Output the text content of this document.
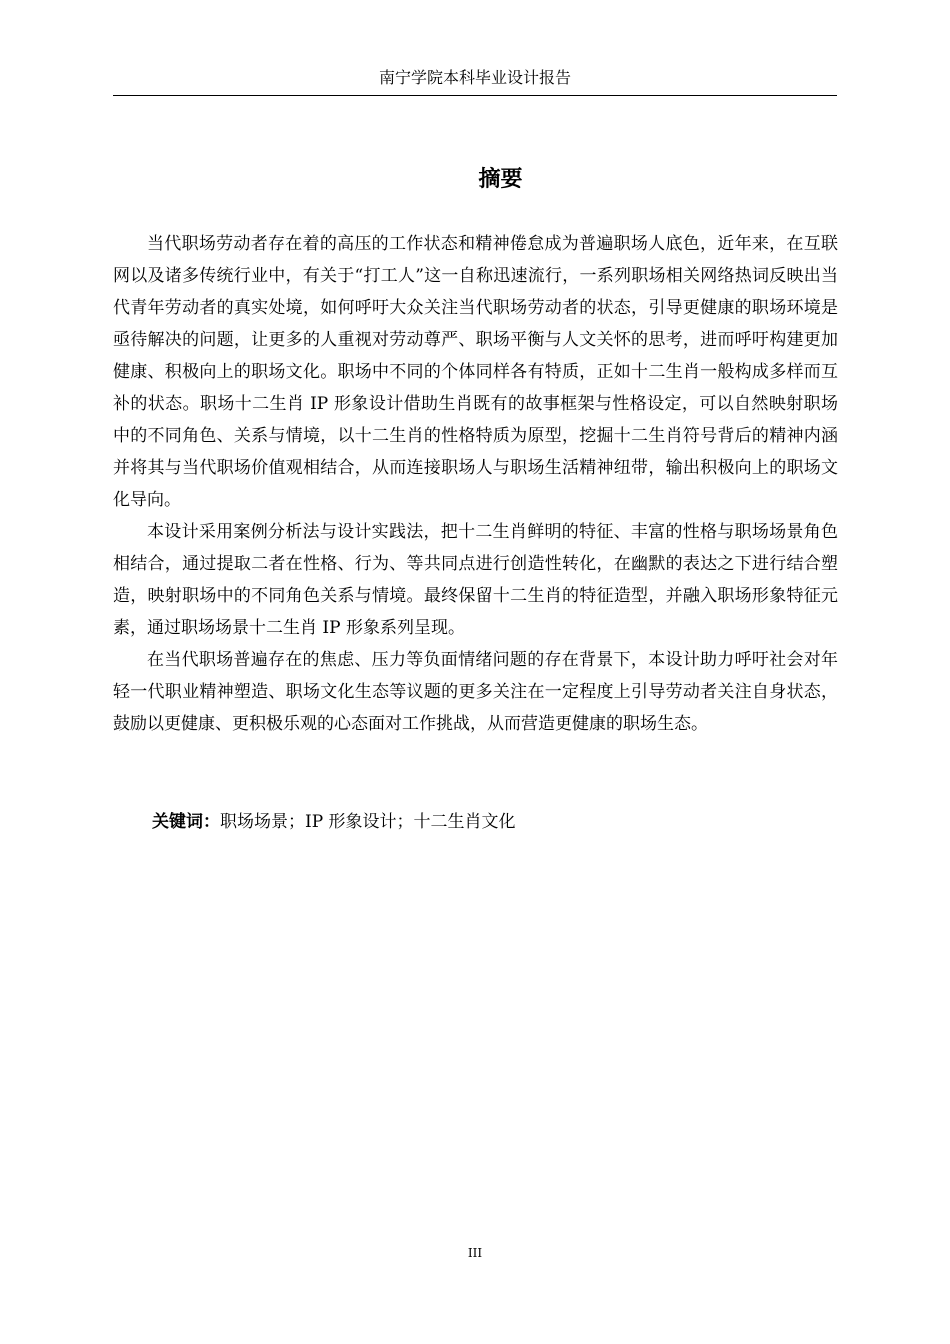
南宁学院本科毕业设计报告
摘要

当代职场劳动者存在着的高压的工作状态和精神倦怠成为普遍职场人底色，近年来，在互联网以及诸多传统行业中，有关于“打工人”这一自称迅速流行，一系列职场相关网络热词反映出当代青年劳动者的真实处境，如何呼吁大众关注当代职场劳动者的状态，引导更健康的职场环境是亟待解决的问题，让更多的人重视对劳动尊严、职场平衡与人文关怀的思考，进而呼吁构建更加健康、积极向上的职场文化。职场中不同的个体同样各有特质，正如十二生肖一般构成多样而互补的状态。职场十二生肖 IP 形象设计借助生肖既有的故事框架与性格设定，可以自然映射职场中的不同角色、关系与情境，以十二生肖的性格特质为原型，挖掘十二生肖符号背后的精神内涵并将其与当代职场价值观相结合，从而连接职场人与职场生活精神纽带，输出积极向上的职场文化导向。

本设计采用案例分析法与设计实践法，把十二生肖鲜明的特征、丰富的性格与职场场景角色相结合，通过提取二者在性格、行为、等共同点进行创造性转化，在幽默的表达之下进行结合塑造，映射职场中的不同角色关系与情境。最终保留十二生肖的特征造型，并融入职场形象特征元素，通过职场场景十二生肖 IP 形象系列呈现。

在当代职场普遍存在的焦虑、压力等负面情绪问题的存在背景下，本设计助力呼吁社会对年轻一代职业精神塑造、职场文化生态等议题的更多关注在一定程度上引导劳动者关注自身状态，鼓励以更健康、更积极乐观的心态面对工作挑战，从而营造更健康的职场生态。

关键词：职场场景；IP 形象设计；十二生肖文化
III
